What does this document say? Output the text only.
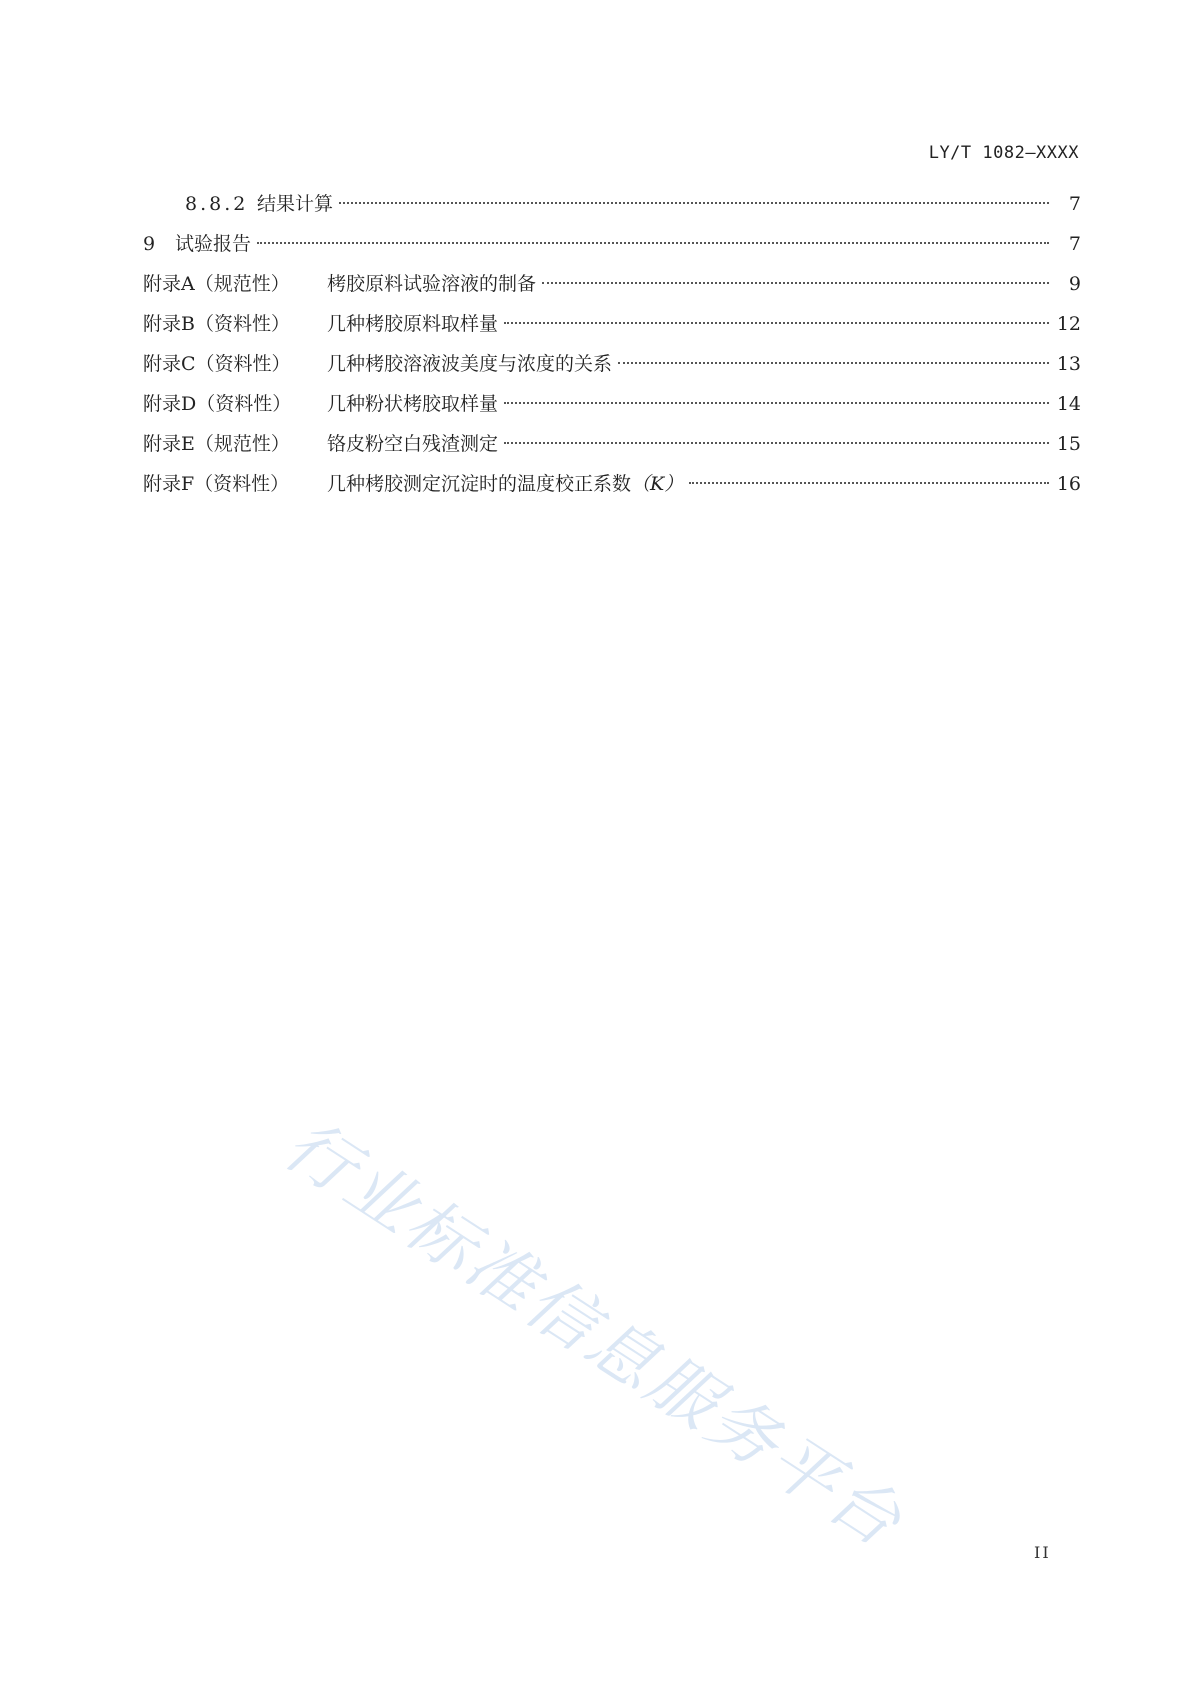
LY/T 1082—XXXX
8.8.2 结果计算	7
9	试验报告	7
附录A（规范性）	栲胶原料试验溶液的制备	9
附录B（资料性）	几种栲胶原料取样量	12
附录C（资料性）	几种栲胶溶液波美度与浓度的关系	13
附录D（资料性）	几种粉状栲胶取样量	14
附录E（规范性）	铬皮粉空白残渣测定	15
附录F（资料性）	几种栲胶测定沉淀时的温度校正系数（K）	16
行业标准信息服务平台	II
